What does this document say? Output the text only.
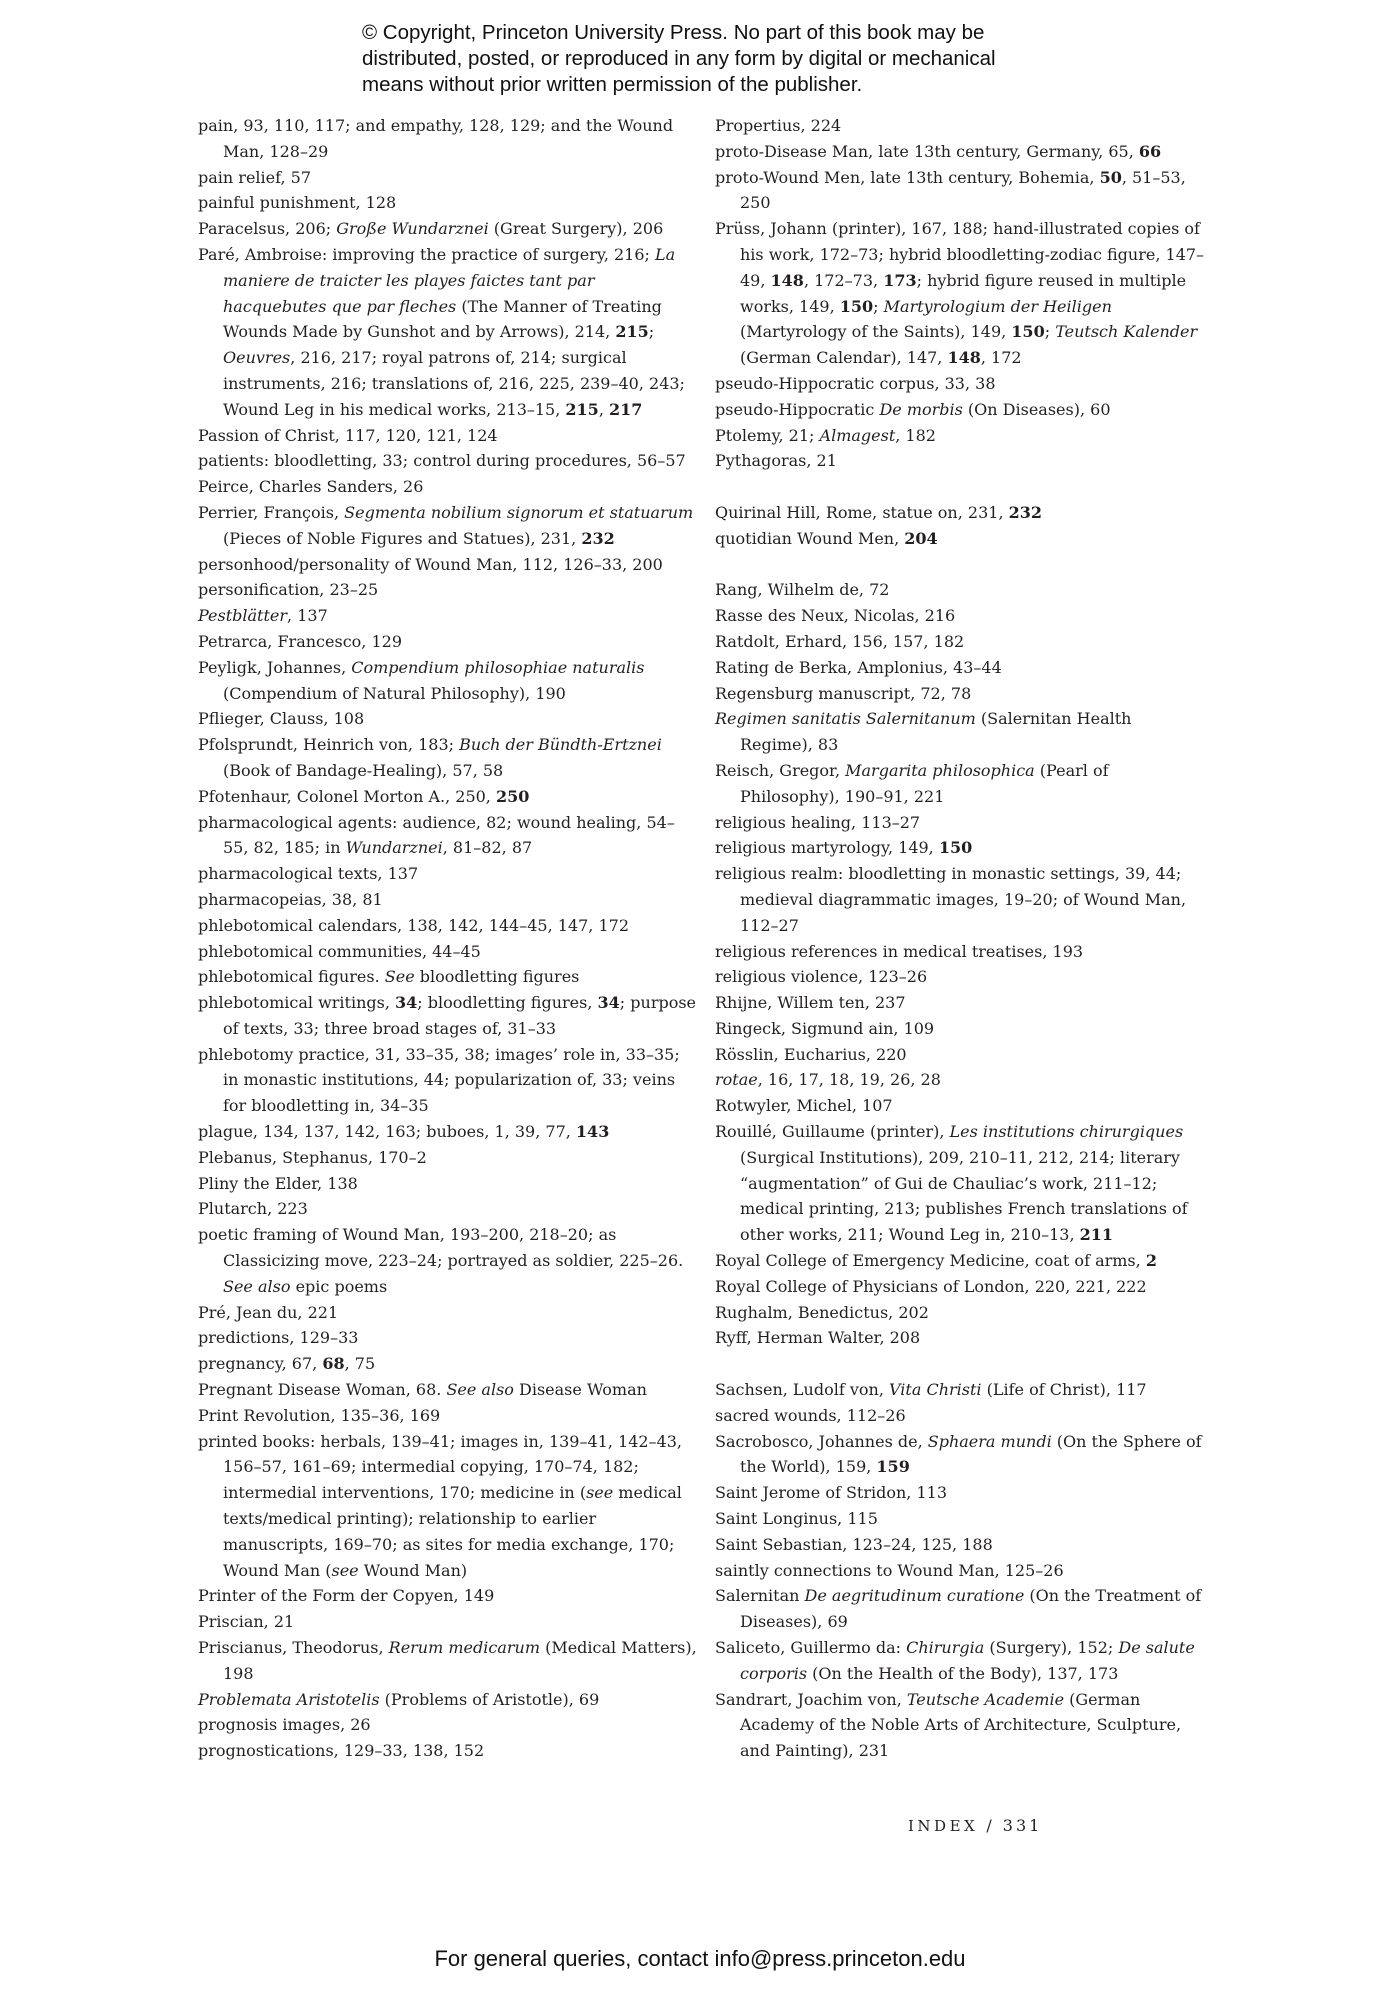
© Copyright, Princeton University Press. No part of this book may be
distributed, posted, or reproduced in any form by digital or mechanical
means without prior written permission of the publisher.

pain, 93, 110, 117; and empathy, 128, 129; and the Wound Man, 128–29

pain relief, 57

painful punishment, 128

Paracelsus, 206; Große Wundarznei (Great Surgery), 206

Paré, Ambroise: improving the practice of surgery, 216; La maniere de traicter les playes faictes tant par hacquebutes que par fleches (The Manner of Treating Wounds Made by Gunshot and by Arrows), 214, 215; Oeuvres, 216, 217; royal patrons of, 214; surgical instruments, 216; translations of, 216, 225, 239–40, 243; Wound Leg in his medical works, 213–15, 215, 217

Passion of Christ, 117, 120, 121, 124

patients: bloodletting, 33; control during procedures, 56–57

Peirce, Charles Sanders, 26

Perrier, François, Segmenta nobilium signorum et statuarum (Pieces of Noble Figures and Statues), 231, 232

personhood/personality of Wound Man, 112, 126–33, 200

personification, 23–25

Pestblätter, 137

Petrarca, Francesco, 129

Peyligk, Johannes, Compendium philosophiae naturalis (Compendium of Natural Philosophy), 190

Pflieger, Clauss, 108

Pfolsprundt, Heinrich von, 183; Buch der Bündth-Ertznei (Book of Bandage-Healing), 57, 58

Pfotenhaur, Colonel Morton A., 250, 250

pharmacological agents: audience, 82; wound healing, 54–55, 82, 185; in Wundarznei, 81–82, 87

pharmacological texts, 137

pharmacopeias, 38, 81

phlebotomical calendars, 138, 142, 144–45, 147, 172

phlebotomical communities, 44–45

phlebotomical figures. See bloodletting figures

phlebotomical writings, 34; bloodletting figures, 34; purpose of texts, 33; three broad stages of, 31–33

phlebotomy practice, 31, 33–35, 38; images’ role in, 33–35; in monastic institutions, 44; popularization of, 33; veins for bloodletting in, 34–35

plague, 134, 137, 142, 163; buboes, 1, 39, 77, 143

Plebanus, Stephanus, 170–2

Pliny the Elder, 138

Plutarch, 223

poetic framing of Wound Man, 193–200, 218–20; as Classicizing move, 223–24; portrayed as soldier, 225–26. See also epic poems

Pré, Jean du, 221

predictions, 129–33

pregnancy, 67, 68, 75

Pregnant Disease Woman, 68. See also Disease Woman

Print Revolution, 135–36, 169

printed books: herbals, 139–41; images in, 139–41, 142–43, 156–57, 161–69; intermedial copying, 170–74, 182; intermedial interventions, 170; medicine in (see medical texts/medical printing); relationship to earlier manuscripts, 169–70; as sites for media exchange, 170; Wound Man (see Wound Man)

Printer of the Form der Copyen, 149

Priscian, 21

Priscianus, Theodorus, Rerum medicarum (Medical Matters), 198

Problemata Aristotelis (Problems of Aristotle), 69

prognosis images, 26

prognostications, 129–33, 138, 152

Propertius, 224

proto-Disease Man, late 13th century, Germany, 65, 66

proto-Wound Men, late 13th century, Bohemia, 50, 51–53, 250

Prüss, Johann (printer), 167, 188; hand-illustrated copies of his work, 172–73; hybrid bloodletting-zodiac figure, 147–49, 148, 172–73, 173; hybrid figure reused in multiple works, 149, 150; Martyrologium der Heiligen (Martyrology of the Saints), 149, 150; Teutsch Kalender (German Calendar), 147, 148, 172

pseudo-Hippocratic corpus, 33, 38

pseudo-Hippocratic De morbis (On Diseases), 60

Ptolemy, 21; Almagest, 182

Pythagoras, 21

Quirinal Hill, Rome, statue on, 231, 232

quotidian Wound Men, 204

Rang, Wilhelm de, 72

Rasse des Neux, Nicolas, 216

Ratdolt, Erhard, 156, 157, 182

Rating de Berka, Amplonius, 43–44

Regensburg manuscript, 72, 78

Regimen sanitatis Salernitanum (Salernitan Health Regime), 83

Reisch, Gregor, Margarita philosophica (Pearl of Philosophy), 190–91, 221

religious healing, 113–27

religious martyrology, 149, 150

religious realm: bloodletting in monastic settings, 39, 44; medieval diagrammatic images, 19–20; of Wound Man, 112–27

religious references in medical treatises, 193

religious violence, 123–26

Rhijne, Willem ten, 237

Ringeck, Sigmund ain, 109

Rösslin, Eucharius, 220

rotae, 16, 17, 18, 19, 26, 28

Rotwyler, Michel, 107

Rouillé, Guillaume (printer), Les institutions chirurgiques (Surgical Institutions), 209, 210–11, 212, 214; literary “augmentation” of Gui de Chauliac’s work, 211–12; medical printing, 213; publishes French translations of other works, 211; Wound Leg in, 210–13, 211

Royal College of Emergency Medicine, coat of arms, 2

Royal College of Physicians of London, 220, 221, 222

Rughalm, Benedictus, 202

Ryff, Herman Walter, 208

Sachsen, Ludolf von, Vita Christi (Life of Christ), 117

sacred wounds, 112–26

Sacrobosco, Johannes de, Sphaera mundi (On the Sphere of the World), 159, 159

Saint Jerome of Stridon, 113

Saint Longinus, 115

Saint Sebastian, 123–24, 125, 188

saintly connections to Wound Man, 125–26

Salernitan De aegritudinum curatione (On the Treatment of Diseases), 69

Saliceto, Guillermo da: Chirurgia (Surgery), 152; De salute corporis (On the Health of the Body), 137, 173

Sandrart, Joachim von, Teutsche Academie (German Academy of the Noble Arts of Architecture, Sculpture, and Painting), 231

INDEX / 331
For general queries, contact info@press.princeton.edu
